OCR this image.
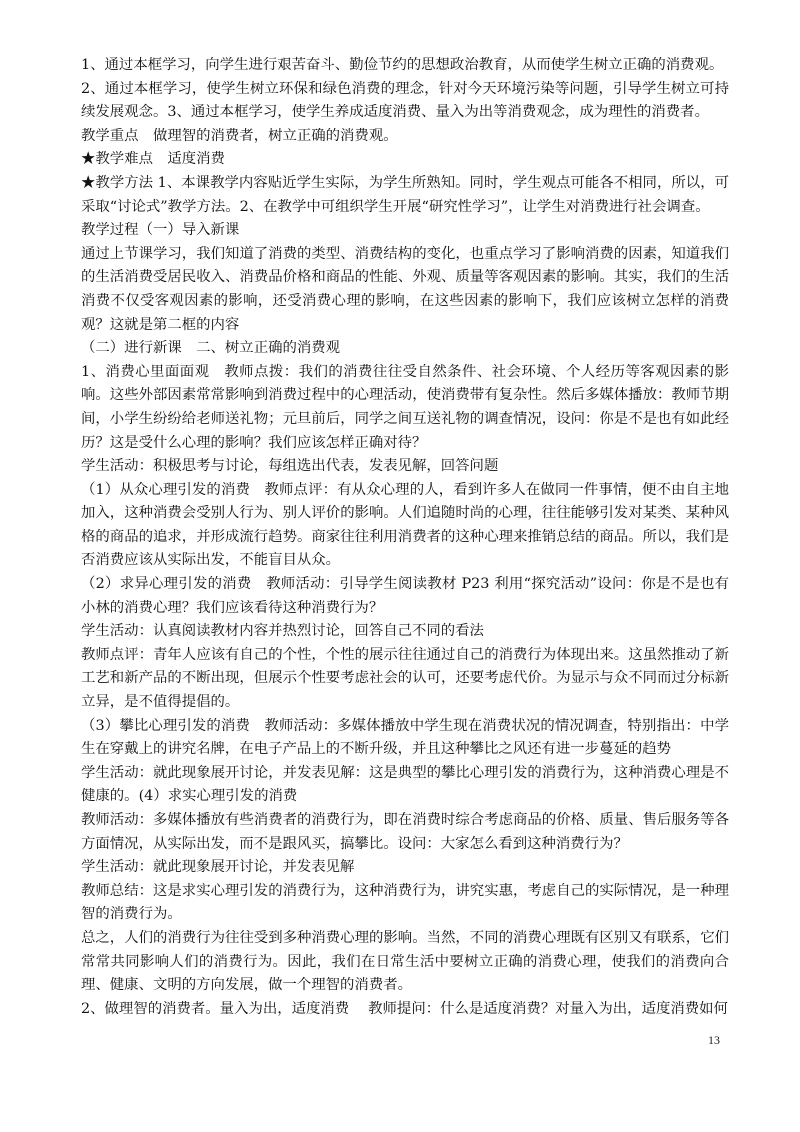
1、通过本框学习，向学生进行艰苦奋斗、勤俭节约的思想政治教育，从而使学生树立正确的消费观。

2、通过本框学习，使学生树立环保和绿色消费的理念，针对今天环境污染等问题，引导学生树立可持续发展观念。3、通过本框学习，使学生养成适度消费、量入为出等消费观念，成为理性的消费者。

教学重点　做理智的消费者，树立正确的消费观。

★教学难点　适度消费

★教学方法 1、本课教学内容贴近学生实际，为学生所熟知。同时，学生观点可能各不相同，所以，可采取“讨论式”教学方法。2、在教学中可组织学生开展“研究性学习”，让学生对消费进行社会调查。

教学过程（一）导入新课

通过上节课学习，我们知道了消费的类型、消费结构的变化，也重点学习了影响消费的因素，知道我们的生活消费受居民收入、消费品价格和商品的性能、外观、质量等客观因素的影响。其实，我们的生活消费不仅受客观因素的影响，还受消费心理的影响，在这些因素的影响下，我们应该树立怎样的消费观？这就是第二框的内容

（二）进行新课　二、树立正确的消费观

1、消费心里面面观　教师点拨：我们的消费往往受自然条件、社会环境、个人经历等客观因素的影响。这些外部因素常常影响到消费过程中的心理活动，使消费带有复杂性。然后多媒体播放：教师节期间，小学生纷纷给老师送礼物；元旦前后，同学之间互送礼物的调查情况，设问：你是不是也有如此经历？这是受什么心理的影响？我们应该怎样正确对待？

学生活动：积极思考与讨论，每组选出代表，发表见解，回答问题

（1）从众心理引发的消费　教师点评：有从众心理的人，看到许多人在做同一件事情，便不由自主地加入，这种消费会受别人行为、别人评价的影响。人们追随时尚的心理，往往能够引发对某类、某种风格的商品的追求，并形成流行趋势。商家往往利用消费者的这种心理来推销总结的商品。所以，我们是否消费应该从实际出发，不能盲目从众。

（2）求异心理引发的消费　教师活动：引导学生阅读教材 P23 利用“探究活动”设问：你是不是也有小林的消费心理？我们应该看待这种消费行为？

学生活动：认真阅读教材内容并热烈讨论，回答自己不同的看法

教师点评：青年人应该有自己的个性，个性的展示往往通过自己的消费行为体现出来。这虽然推动了新工艺和新产品的不断出现，但展示个性要考虑社会的认可，还要考虑代价。为显示与众不同而过分标新立异，是不值得提倡的。

（3）攀比心理引发的消费　教师活动：多媒体播放中学生现在消费状况的情况调查，特别指出：中学生在穿戴上的讲究名牌，在电子产品上的不断升级，并且这种攀比之风还有进一步蔓延的趋势

学生活动：就此现象展开讨论，并发表见解：这是典型的攀比心理引发的消费行为，这种消费心理是不健康的。(4）求实心理引发的消费

教师活动：多媒体播放有些消费者的消费行为，即在消费时综合考虑商品的价格、质量、售后服务等各方面情况，从实际出发，而不是跟风买，搞攀比。设问：大家怎么看到这种消费行为？

学生活动：就此现象展开讨论，并发表见解

教师总结：这是求实心理引发的消费行为，这种消费行为，讲究实惠，考虑自己的实际情况，是一种理智的消费行为。

总之，人们的消费行为往往受到多种消费心理的影响。当然，不同的消费心理既有区别又有联系，它们常常共同影响人们的消费行为。因此，我们在日常生活中要树立正确的消费心理，使我们的消费向合理、健康、文明的方向发展，做一个理智的消费者。

2、做理智的消费者。量入为出，适度消费　 教师提问：什么是适度消费？对量入为出，适度消费如何

13
